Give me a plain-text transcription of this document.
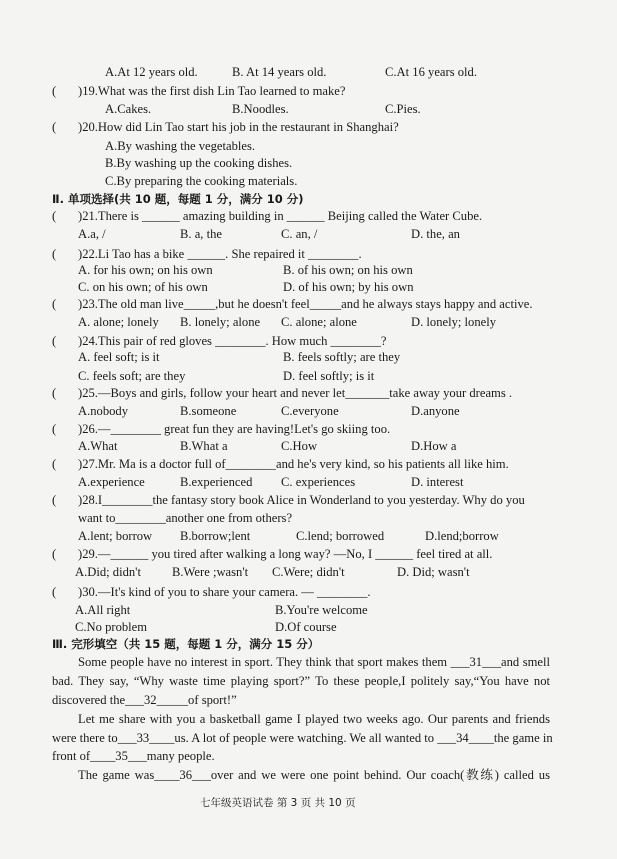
A.At 12 years old.	B. At 14 years old.	C.At 16 years old.
( )19.What was the first dish Lin Tao learned to make?
A.Cakes.	B.Noodles.	C.Pies.
( )20.How did Lin Tao start his job in the restaurant in Shanghai?
A.By washing the vegetables.
B.By washing up the cooking dishes.
C.By preparing the cooking materials.
( )21.There is ______ amazing building in ______ Beijing called the Water Cube.
A.a, /	B. a, the	C. an, /	D. the, an
( )22.Li Tao has a bike ______. She repaired it ________.
A. for his own; on his own	B. of his own; on his own
C. on his own; of his own	D. of his own; by his own
( )23.The old man live_____,but he doesn't feel_____and he always stays happy and active.
A. alone; lonely B. lonely; alone C. alone; alone	D. lonely; lonely
( )24.This pair of red gloves ________. How much ________?
A. feel soft; is it	B. feels softly; are they
C. feels soft; are they	D. feel softly; is it
( )25.—Boys and girls, follow your heart and never let_______take away your dreams .
A.nobody	B.someone	C.everyone	D.anyone
( )26.—________ great fun they are having!Let's go skiing too.
A.What	B.What a	C.How	D.How a
( )27.Mr. Ma is a doctor full of________and he's very kind, so his patients all like him.
A.experience	B.experienced C. experiences	D. interest
( )28.I________the fantasy story book Alice in Wonderland to you yesterday. Why do you
want to________another one from others?
A.lent; borrow B.borrow;lent	C.lend; borrowed	D.lend;borrow
( )29.—______ you tired after walking a long way? —No, I ______ feel tired at all.
A.Did; didn't B.Were ;wasn't C.Were; didn't	D. Did; wasn't
( )30.—It's kind of you to share your camera. — ________.
A.All right	B.You're welcome
C.No problem	D.Of course
Ⅱ. 单项选择(共 10 题，每题 1 分，满分 10 分)
Ⅲ. 完形填空（共 15 题，每题 1 分，满分 15 分）
Some people have no interest in sport. They think that sport makes them ___31___and smell
bad. They say, “Why waste time playing sport?” To these people,I politely say,“You have not
discovered the___32_____of sport!”
Let me share with you a basketball game I played two weeks ago. Our parents and friends
were there to___33____us. A lot of people were watching. We all wanted to ___34____the game in
front of____35___many people.
The game was____36___over and we were one point behind. Our coach(教练) called us
七年级英语试卷 第 3 页 共 10 页
